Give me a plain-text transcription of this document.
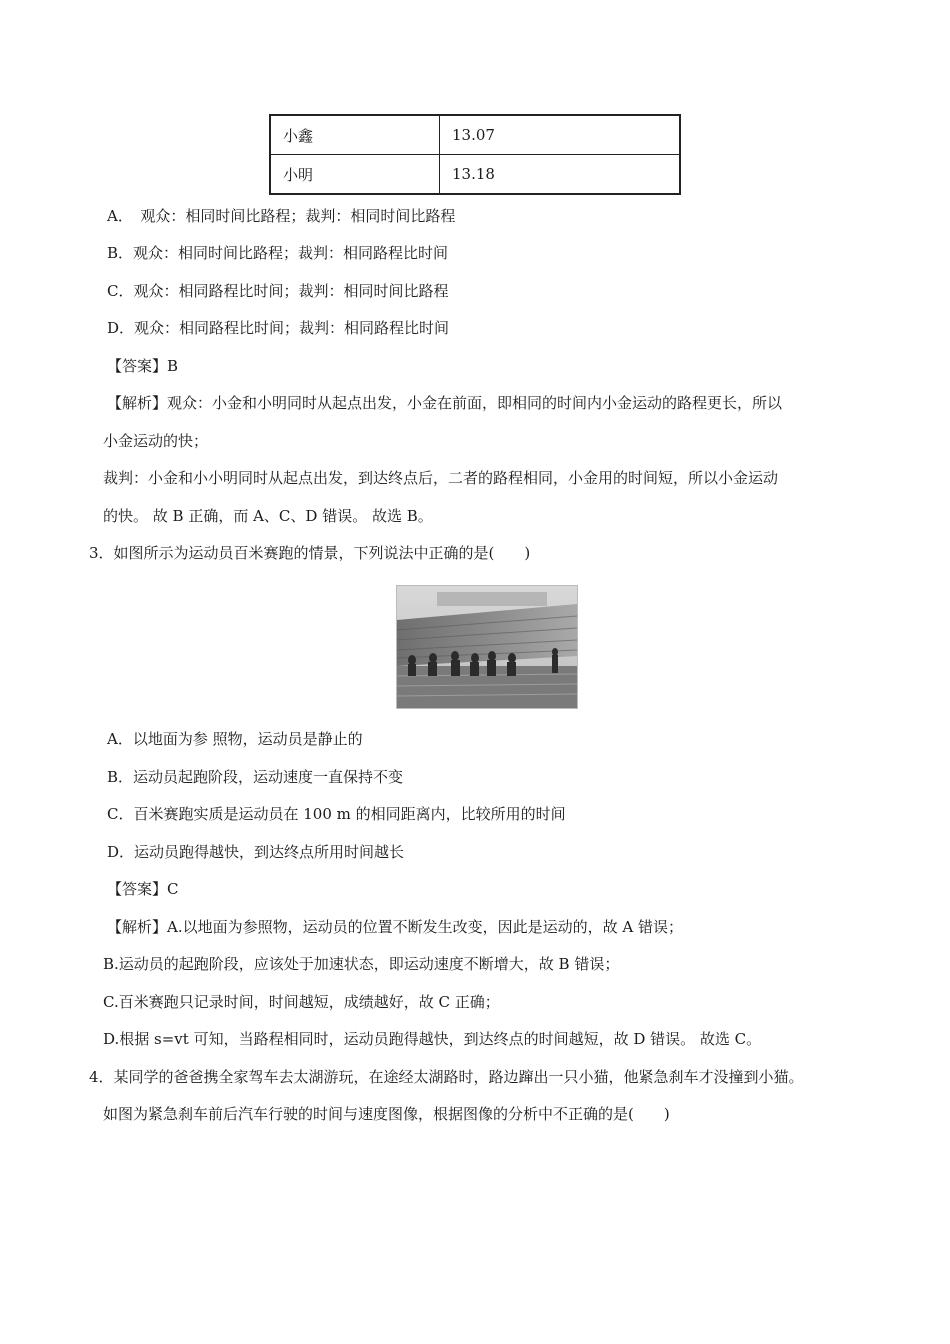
小鑫	13.07
小明	13.18
A．　观众：相同时间比路程；裁判：相同时间比路程
B．观众：相同时间比路程；裁判：相同路程比时间
C．观众：相同路程比时间；裁判：相同时间比路程
D．观众：相同路程比时间；裁判：相同路程比时间
【答案】B
【解析】观众：小金和小明同时从起点出发，小金在前面，即相同的时间内小金运动的路程更长，所以
小金运动的快；
裁判：小金和小小明同时从起点出发，到达终点后，二者的路程相同，小金用的时间短，所以小金运动
的快。 故 B 正确，而 A、C、D 错误。 故选 B。
3．如图所示为运动员百米赛跑的情景，下列说法中正确的是(　　)
A．以地面为参 照物，运动员是静止的
B．运动员起跑阶段，运动速度一直保持不变
C．百米赛跑实质是运动员在 100 m 的相同距离内，比较所用的时间
D．运动员跑得越快，到达终点所用时间越长
【答案】C
【解析】A.以地面为参照物，运动员的位置不断发生改变，因此是运动的，故 A 错误；
B.运动员的起跑阶段，应该处于加速状态，即运动速度不断增大，故 B 错误；
C.百米赛跑只记录时间，时间越短，成绩越好，故 C 正确；
D.根据 s=vt 可知，当路程相同时，运动员跑得越快，到达终点的时间越短，故 D 错误。 故选 C。
4．某同学的爸爸携全家驾车去太湖游玩，在途经太湖路时，路边蹿出一只小猫，他紧急刹车才没撞到小猫。
如图为紧急刹车前后汽车行驶的时间与速度图像，根据图像的分析中不正确的是(　　)
